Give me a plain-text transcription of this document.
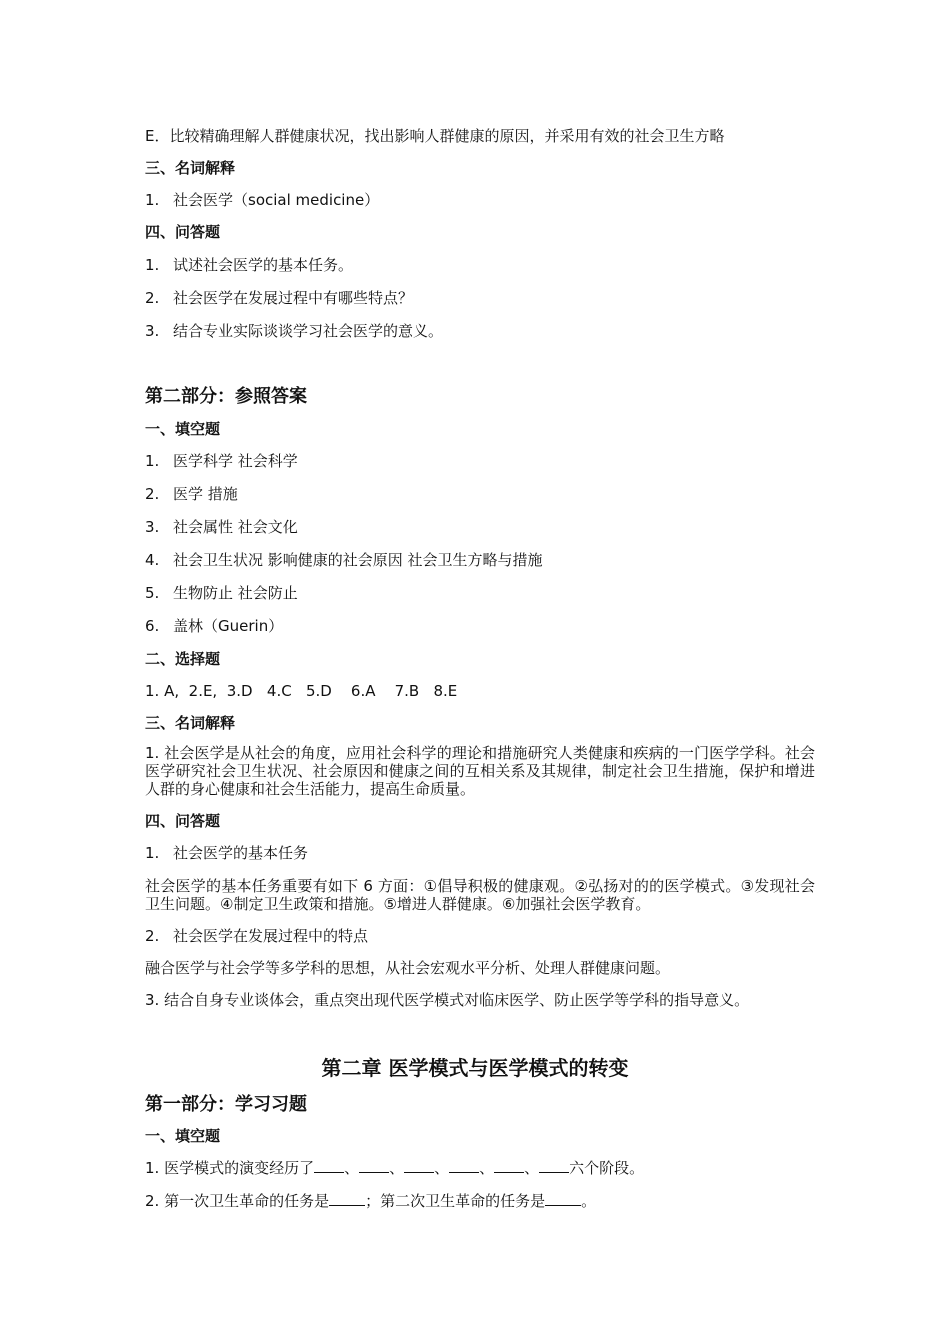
E．比较精确理解人群健康状况，找出影响人群健康的原因，并采用有效的社会卫生方略
三、名词解释
1. 社会医学（social medicine）
四、问答题
1. 试述社会医学的基本任务。
2. 社会医学在发展过程中有哪些特点？
3. 结合专业实际谈谈学习社会医学的意义。
第二部分：参照答案
一、填空题
1. 医学科学 社会科学
2. 医学 措施
3. 社会属性 社会文化
4. 社会卫生状况 影响健康的社会原因 社会卫生方略与措施
5. 生物防止 社会防止
6. 盖林（Guerin）
二、选择题
1. A,  2.E,  3.D   4.C   5.D    6.A    7.B   8.E
三、名词解释
1. 社会医学是从社会的角度，应用社会科学的理论和措施研究人类健康和疾病的一门医学学科。社会医学研究社会卫生状况、社会原因和健康之间的互相关系及其规律，制定社会卫生措施，保护和增进人群的身心健康和社会生活能力，提高生命质量。
四、问答题
1. 社会医学的基本任务
社会医学的基本任务重要有如下 6 方面：①倡导积极的健康观。②弘扬对的的医学模式。③发现社会卫生问题。④制定卫生政策和措施。⑤增进人群健康。⑥加强社会医学教育。
2. 社会医学在发展过程中的特点
融合医学与社会学等多学科的思想，从社会宏观水平分析、处理人群健康问题。
3. 结合自身专业谈体会，重点突出现代医学模式对临床医学、防止医学等学科的指导意义。
第二章 医学模式与医学模式的转变
第一部分：学习习题
一、填空题
1. 医学模式的演变经历了 、 、 、 、 、 六个阶段。
2. 第一次卫生革命的任务是 ；第二次卫生革命的任务是 。
